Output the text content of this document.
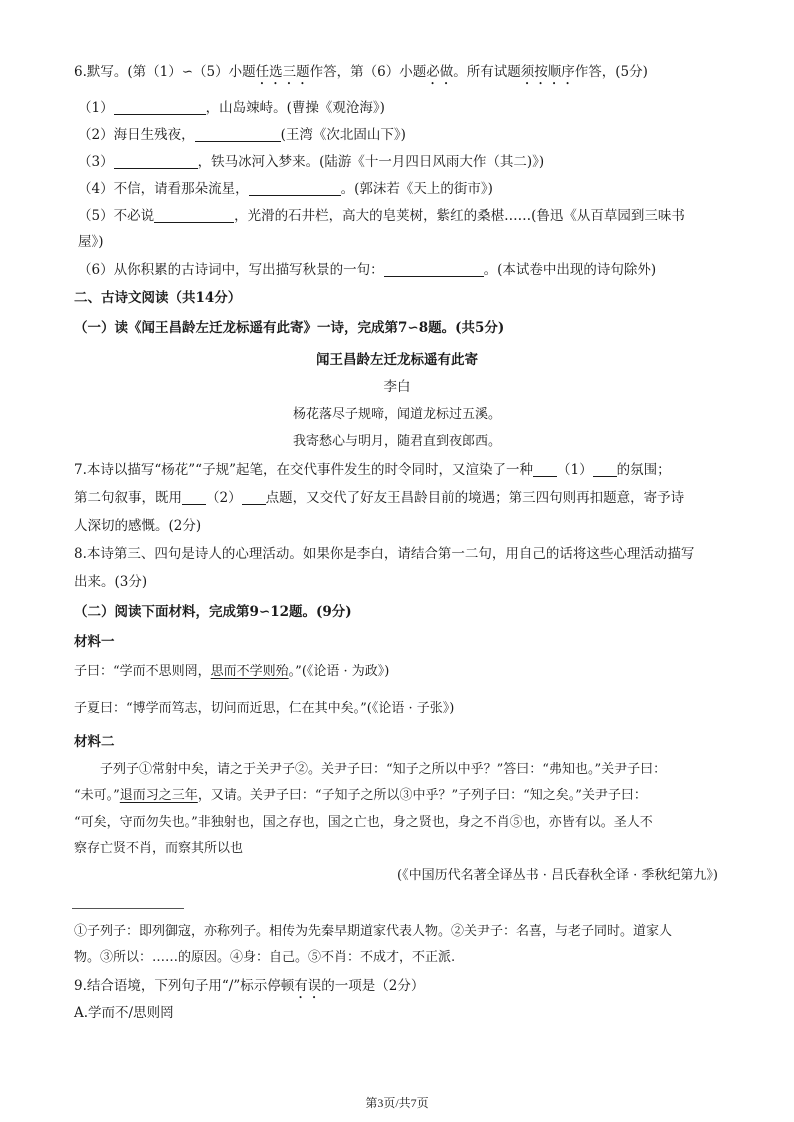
6.默写。(第（1）∽（5）小题任选三题作答，第（6）小题必做。所有试题须按顺序作答，(5分)
（1）	，山岛竦峙。(曹操《观沧海》)
（2）海日生残夜，	(王湾《次北固山下》)
（3）	，铁马冰河入梦来。(陆游《十一月四日风雨大作（其二)》)
（4）不信，请看那朵流星，	。(郭沫若《天上的街市》)
（5）不必说	，光滑的石井栏，高大的皂荚树，紫红的桑椹……(鲁迅《从百草园到三味书
屋》)
（6）从你积累的古诗词中，写出描写秋景的一句：	。(本试卷中出现的诗句除外)
二、古诗文阅读（共14分）
（一）读《闻王昌龄左迁龙标遥有此寄》一诗，完成第7∽8题。(共5分)
闻王昌龄左迁龙标遥有此寄
李白
杨花落尽子规啼，闻道龙标过五溪。
我寄愁心与明月，随君直到夜郎西。
7.本诗以描写“杨花”“子规”起笔，在交代事件发生的时令同时，又渲染了一种 （1） 的氛围；
第二句叙事，既用 （2） 点题，又交代了好友王昌龄目前的境遇；第三四句则再扣题意，寄予诗
人深切的感慨。(2分)
8.本诗第三、四句是诗人的心理活动。如果你是李白，请结合第一二句，用自己的话将这些心理活动描写
出来。(3分)
（二）阅读下面材料，完成第9∽12题。(9分)
材料一
子曰：“学而不思则罔，思而不学则殆。”(《论语 · 为政》)
子夏曰：“博学而笃志，切问而近思，仁在其中矣。”(《论语 · 子张》)
材料二
子列子①常射中矣，请之于关尹子②。关尹子曰：“知子之所以中乎？”答曰：“弗知也。”关尹子曰：
“未可。”退而习之三年，又请。关尹子曰：“子知子之所以③中乎？”子列子曰：“知之矣。”关尹子曰：
“可矣，守而勿失也。”非独射也，国之存也，国之亡也，身之贤也，身之不肖⑤也，亦皆有以。圣人不
察存亡贤不肖，而察其所以也
(《中国历代名著全译丛书 · 吕氏春秋全译 · 季秋纪第九》)
①子列子：即列御寇，亦称列子。相传为先秦早期道家代表人物。②关尹子：名喜，与老子同时。道家人
物。③所以：……的原因。④身：自己。⑤不肖：不成才，不正派.
9.结合语境，下列句子用“/”标示停顿有误的一项是（2分）
A.学而不/思则罔
第3页/共7页
